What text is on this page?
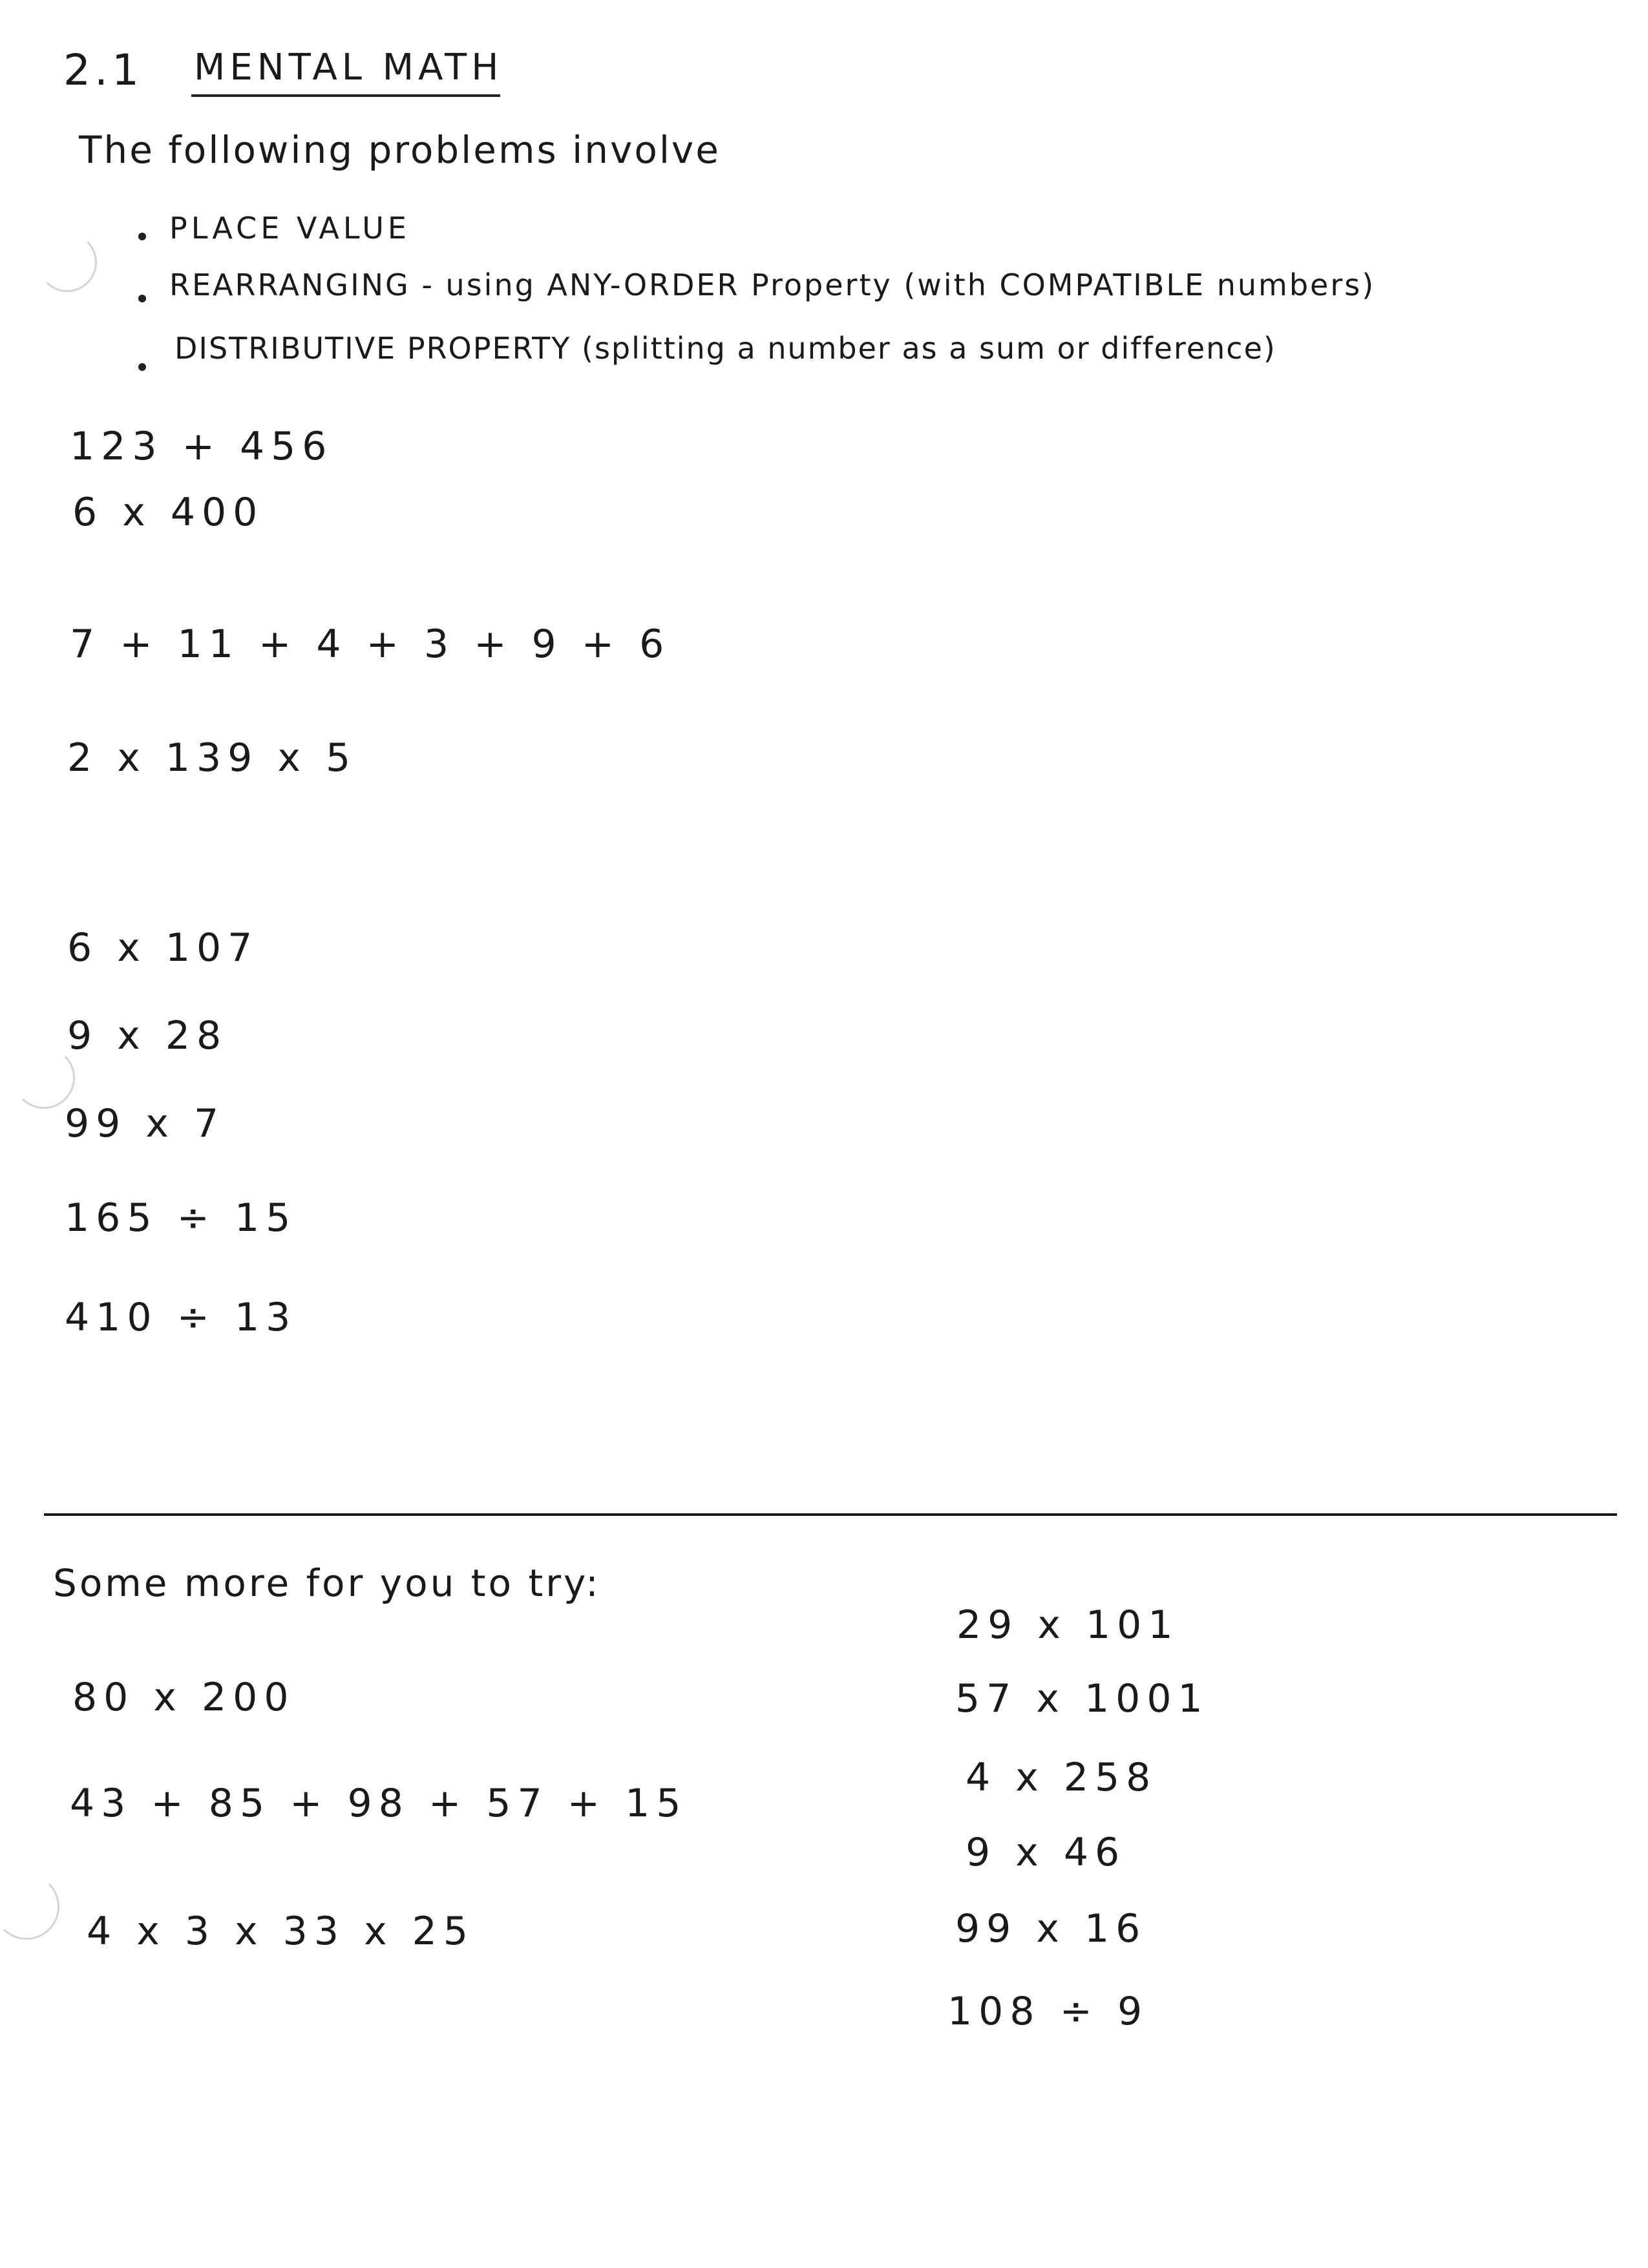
2.1 MENTAL MATH
The following problems involve
PLACE VALUE
REARRANGING - using ANY-ORDER Property (with COMPATIBLE numbers)
DISTRIBUTIVE PROPERTY (splitting a number as a sum or difference)
123 + 456
6 x 400
7 + 11 + 4 + 3 + 9 + 6
2 x 139 x 5
6 x 107
9 x 28
99 x 7
165 ÷ 15
410 ÷ 13
Some more for you to try:
80 x 200
43 + 85 + 98 + 57 + 15
4 x 3 x 33 x 25
29 x 101
57 x 1001
4 x 258
9 x 46
99 x 16
108 ÷ 9
